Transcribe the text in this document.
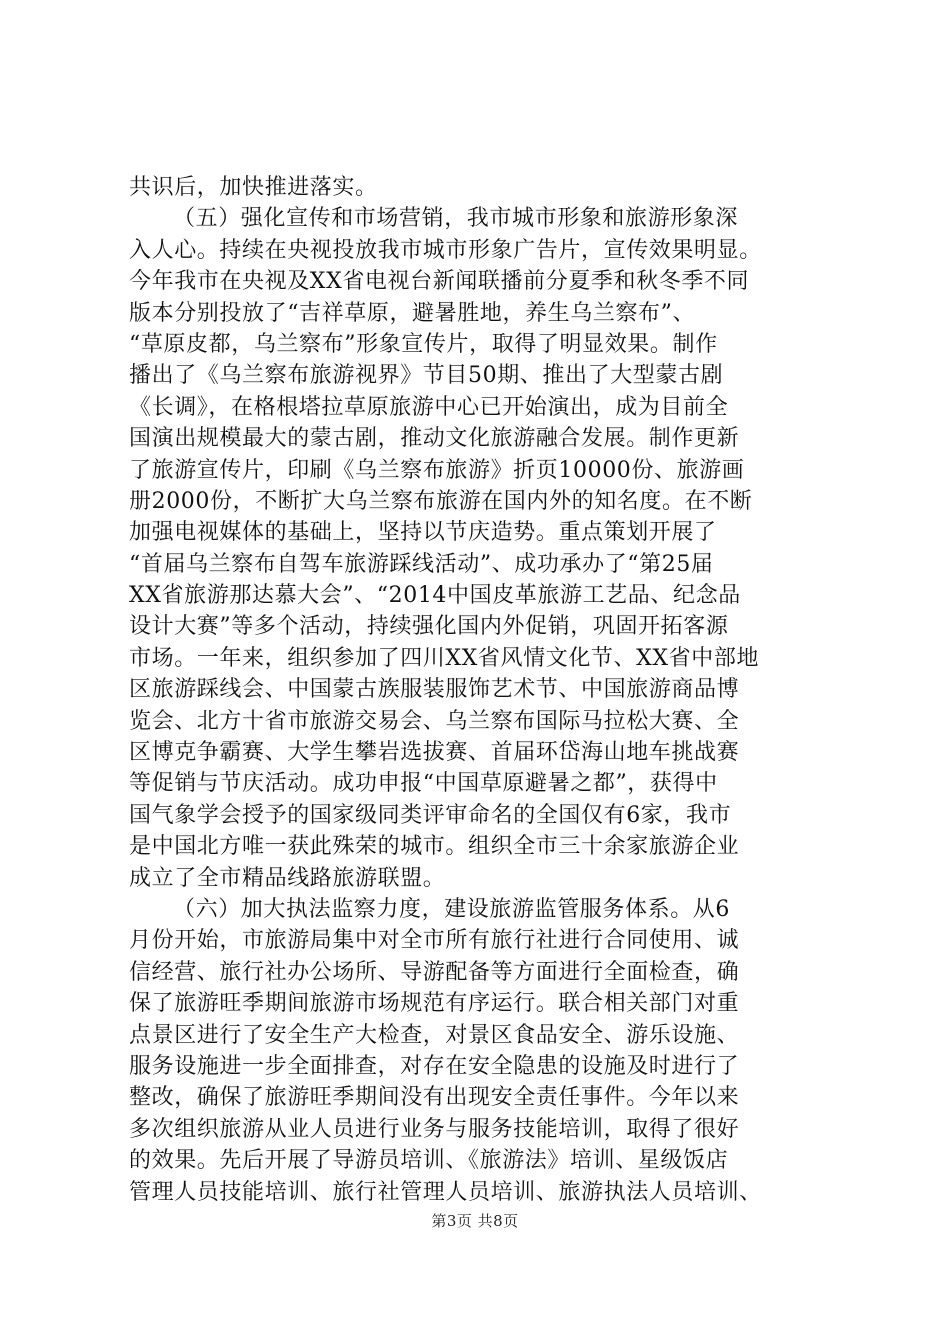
共识后，加快推进落实。
（五）强化宣传和市场营销，我市城市形象和旅游形象深
入人心。持续在央视投放我市城市形象广告片，宣传效果明显。
今年我市在央视及XX省电视台新闻联播前分夏季和秋冬季不同
版本分别投放了“吉祥草原，避暑胜地，养生乌兰察布”、
“草原皮都，乌兰察布”形象宣传片，取得了明显效果。制作
播出了《乌兰察布旅游视界》节目50期、推出了大型蒙古剧
《长调》，在格根塔拉草原旅游中心已开始演出，成为目前全
国演出规模最大的蒙古剧，推动文化旅游融合发展。制作更新
了旅游宣传片，印刷《乌兰察布旅游》折页10000份、旅游画
册2000份，不断扩大乌兰察布旅游在国内外的知名度。在不断
加强电视媒体的基础上，坚持以节庆造势。重点策划开展了
“首届乌兰察布自驾车旅游踩线活动”、成功承办了“第25届
XX省旅游那达慕大会”、“2014中国皮革旅游工艺品、纪念品
设计大赛”等多个活动，持续强化国内外促销，巩固开拓客源
市场。一年来，组织参加了四川XX省风情文化节、XX省中部地
区旅游踩线会、中国蒙古族服装服饰艺术节、中国旅游商品博
览会、北方十省市旅游交易会、乌兰察布国际马拉松大赛、全
区博克争霸赛、大学生攀岩选拔赛、首届环岱海山地车挑战赛
等促销与节庆活动。成功申报“中国草原避暑之都”，获得中
国气象学会授予的国家级同类评审命名的全国仅有6家，我市
是中国北方唯一获此殊荣的城市。组织全市三十余家旅游企业
成立了全市精品线路旅游联盟。
（六）加大执法监察力度，建设旅游监管服务体系。从6
月份开始，市旅游局集中对全市所有旅行社进行合同使用、诚
信经营、旅行社办公场所、导游配备等方面进行全面检查，确
保了旅游旺季期间旅游市场规范有序运行。联合相关部门对重
点景区进行了安全生产大检查，对景区食品安全、游乐设施、
服务设施进一步全面排查，对存在安全隐患的设施及时进行了
整改，确保了旅游旺季期间没有出现安全责任事件。今年以来
多次组织旅游从业人员进行业务与服务技能培训，取得了很好
的效果。先后开展了导游员培训、《旅游法》培训、星级饭店
管理人员技能培训、旅行社管理人员培训、旅游执法人员培训、
第3页 共8页
